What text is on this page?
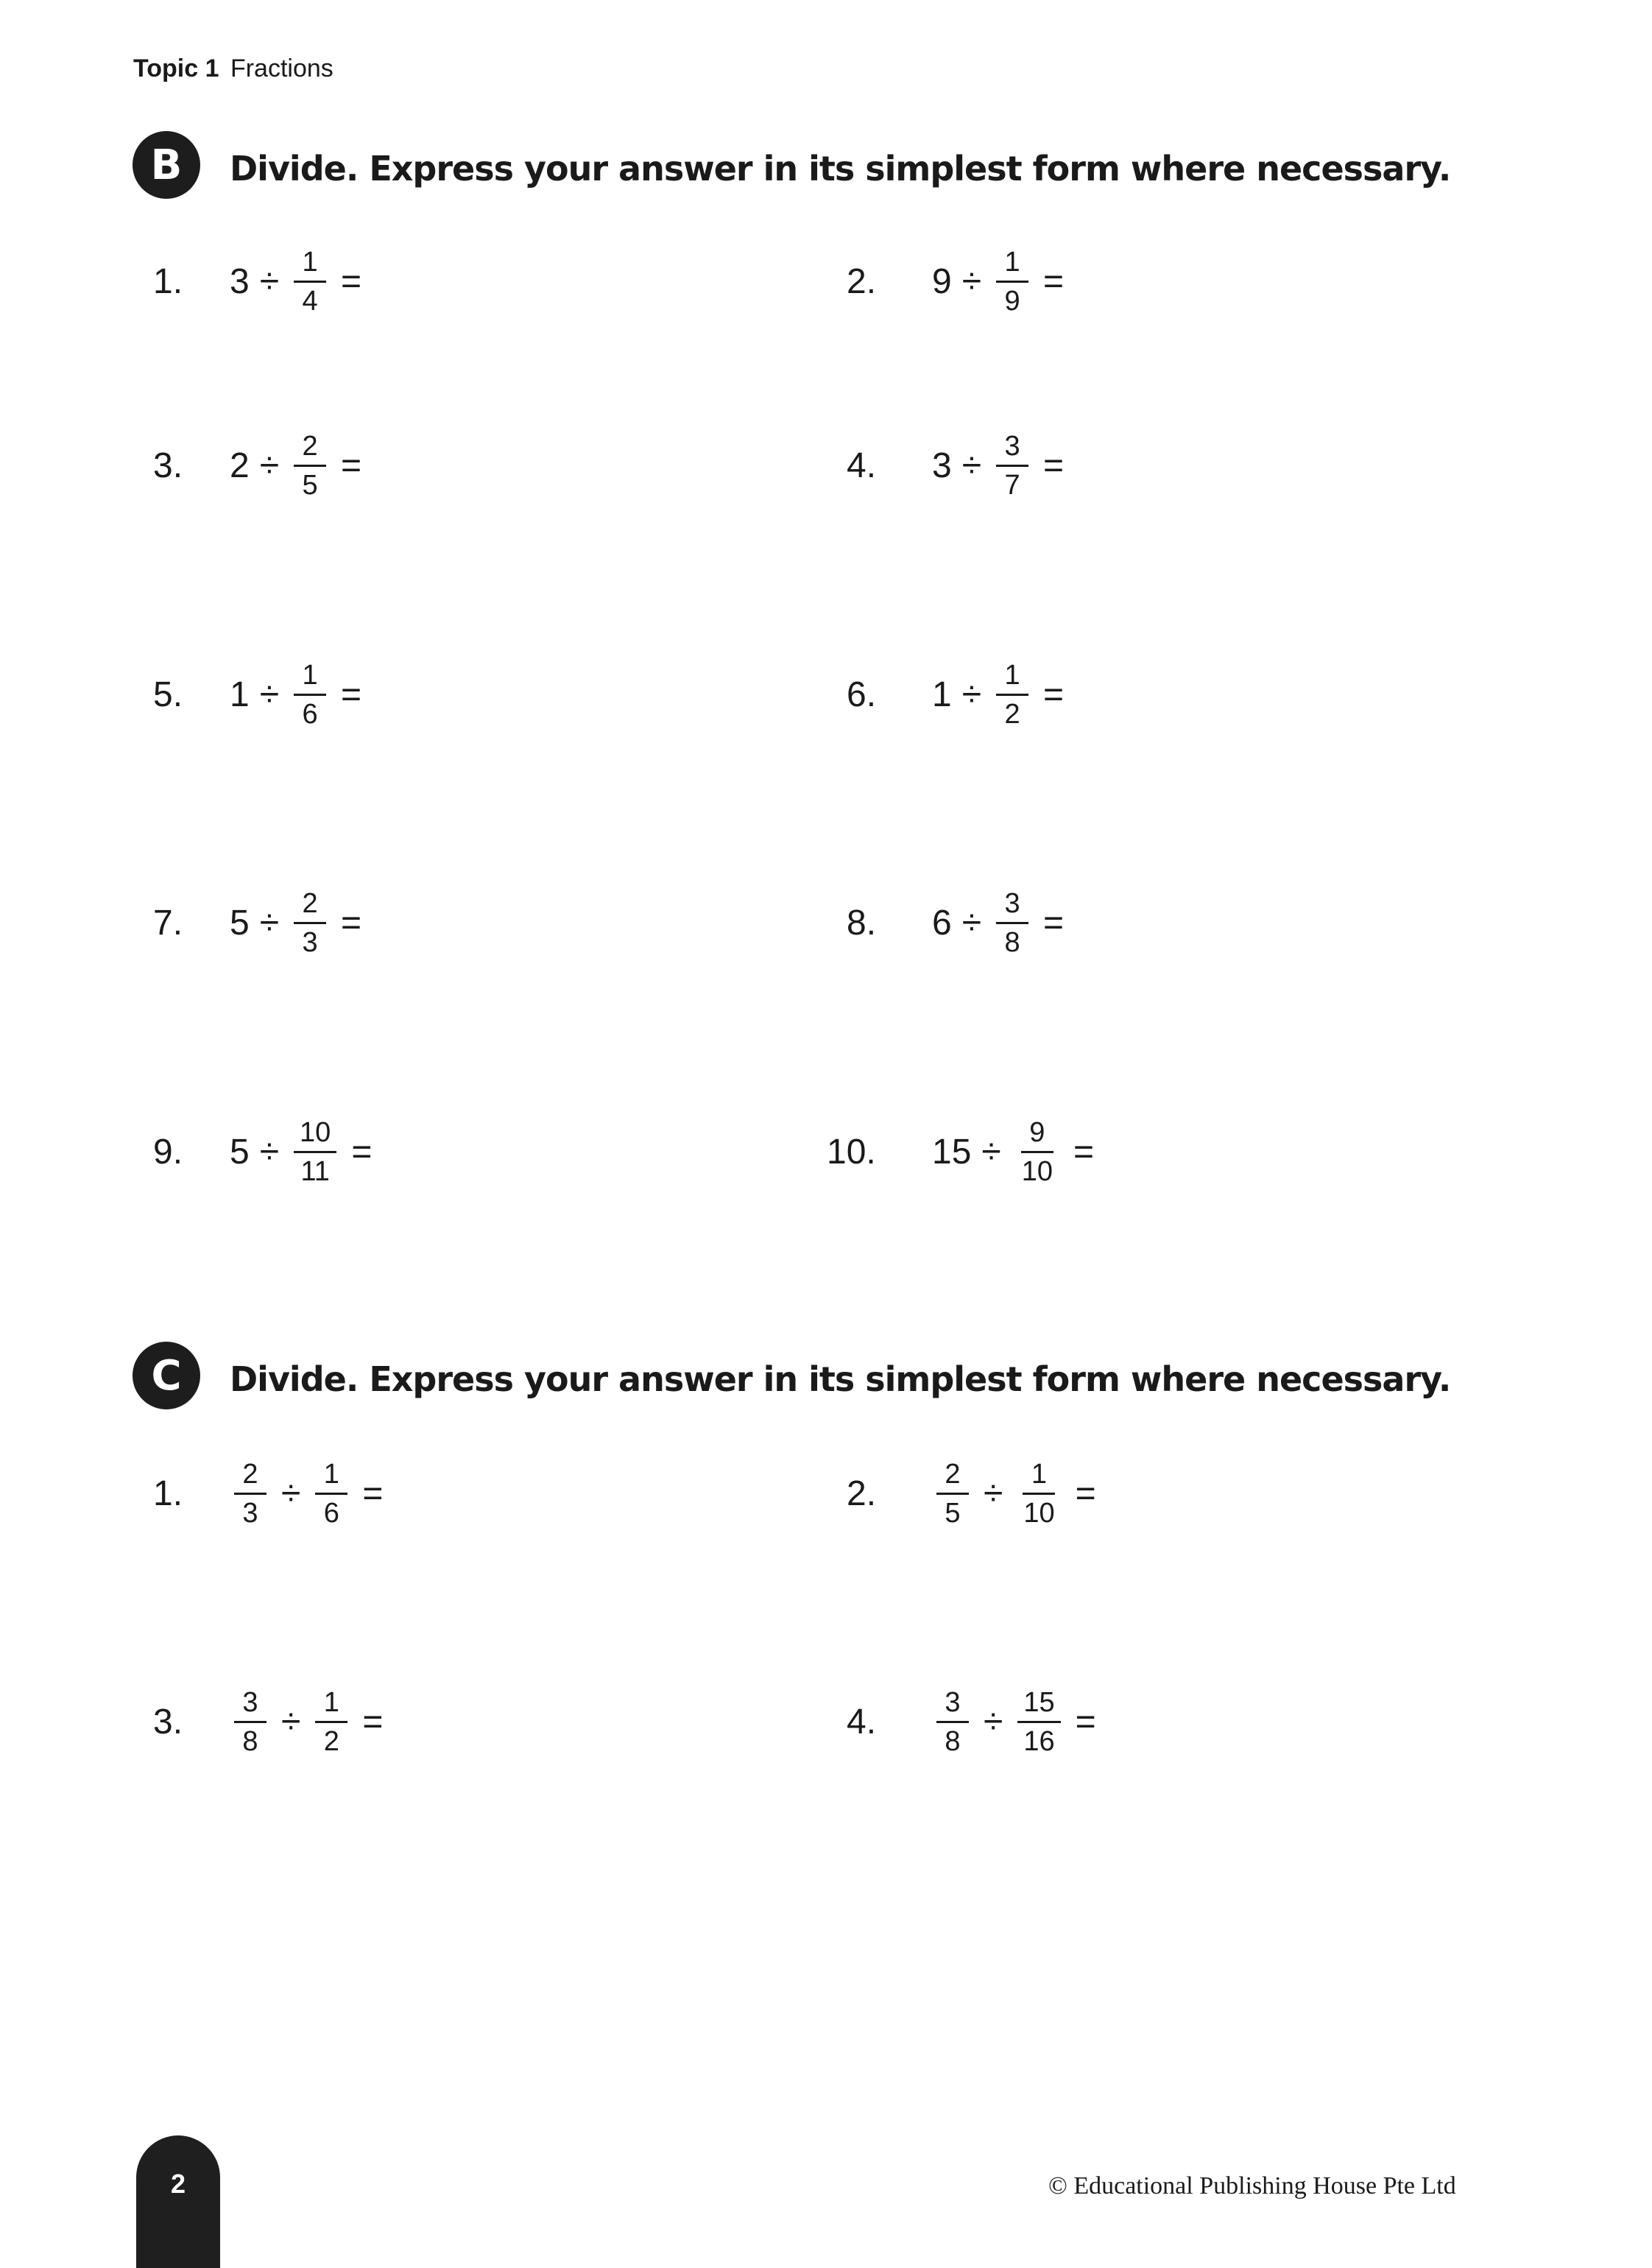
Topic 1 Fractions
B	Divide. Express your answer in its simplest form where necessary.
1. $3 \div \frac{1}{4}$ =	2. $9 \div \frac{1}{9}$ =
3. $2 \div \frac{2}{5}$ =	4. $3 \div \frac{3}{7}$ =
5. $1 \div \frac{1}{6}$ =	6. $1 \div \frac{1}{2}$ =
7. $5 \div \frac{2}{3}$ =	8. $6 \div \frac{3}{8}$ =
9. $5 \div \frac{10}{11}$ =	10. $15 \div \frac{9}{10}$ =
C	Divide. Express your answer in its simplest form where necessary.
1. $\frac{2}{3} \div \frac{1}{6}$ =	2. $\frac{2}{5} \div \frac{1}{10}$ =
3. $\frac{3}{8} \div \frac{1}{2}$ =	4. $\frac{3}{8} \div \frac{15}{16}$ =
2	© Educational Publishing House Pte Ltd
